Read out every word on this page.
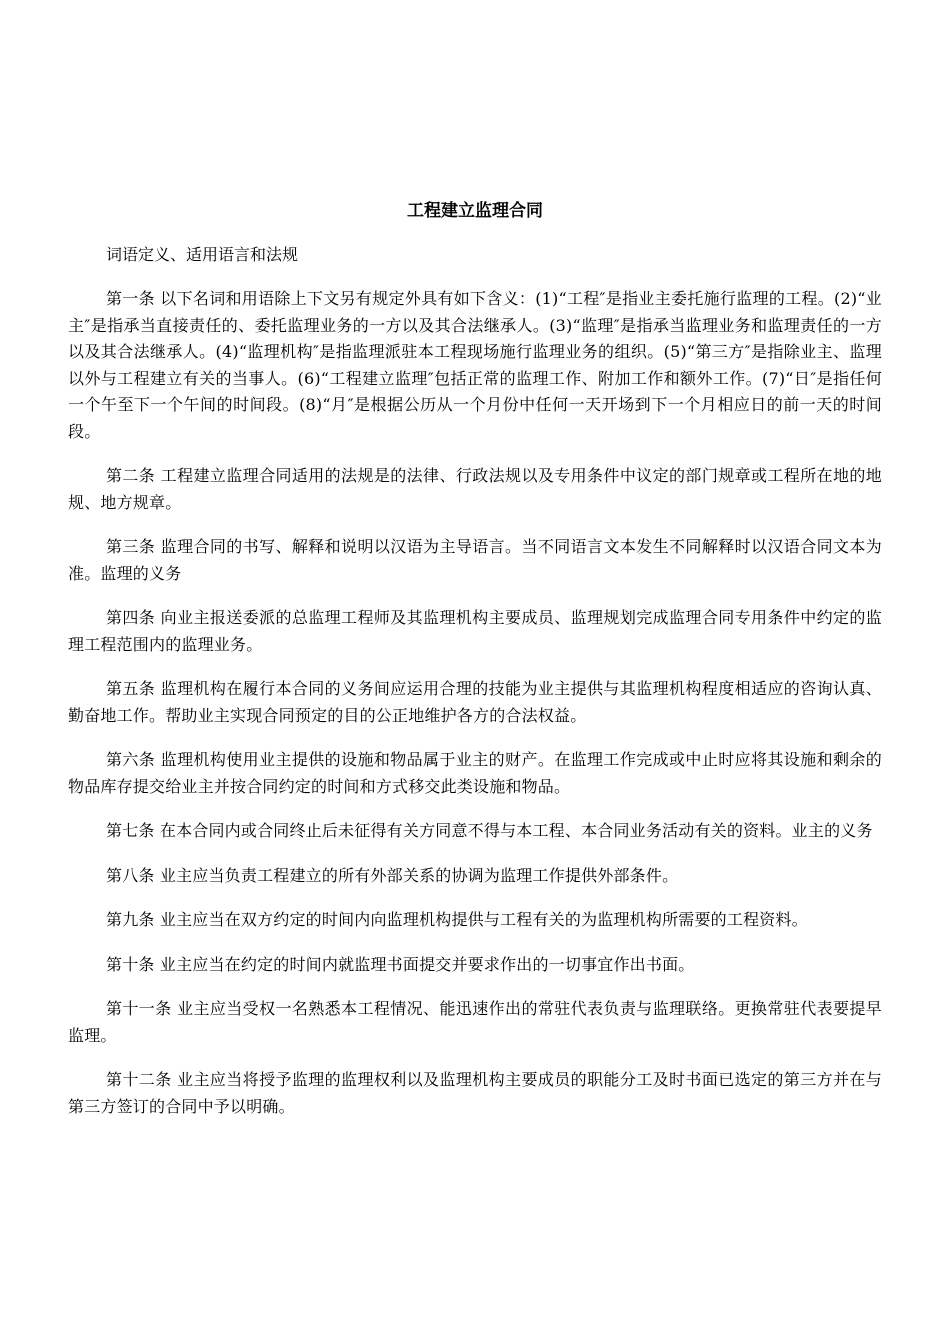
工程建立监理合同

词语定义、适用语言和法规

第一条 以下名词和用语除上下文另有规定外具有如下含义：(1)“工程″是指业主委托施行监理的工程。(2)“业主″是指承当直接责任的、委托监理业务的一方以及其合法继承人。(3)“监理″是指承当监理业务和监理责任的一方以及其合法继承人。(4)“监理机构″是指监理派驻本工程现场施行监理业务的组织。(5)“第三方″是指除业主、监理以外与工程建立有关的当事人。(6)“工程建立监理″包括正常的监理工作、附加工作和额外工作。(7)“日″是指任何一个午至下一个午间的时间段。(8)“月″是根据公历从一个月份中任何一天开场到下一个月相应日的前一天的时间段。

第二条 工程建立监理合同适用的法规是的法律、行政法规以及专用条件中议定的部门规章或工程所在地的地规、地方规章。

第三条 监理合同的书写、解释和说明以汉语为主导语言。当不同语言文本发生不同解释时以汉语合同文本为准。监理的义务

第四条 向业主报送委派的总监理工程师及其监理机构主要成员、监理规划完成监理合同专用条件中约定的监理工程范围内的监理业务。

第五条 监理机构在履行本合同的义务间应运用合理的技能为业主提供与其监理机构程度相适应的咨询认真、勤奋地工作。帮助业主实现合同预定的目的公正地维护各方的合法权益。

第六条 监理机构使用业主提供的设施和物品属于业主的财产。在监理工作完成或中止时应将其设施和剩余的物品库存提交给业主并按合同约定的时间和方式移交此类设施和物品。

第七条 在本合同内或合同终止后未征得有关方同意不得与本工程、本合同业务活动有关的资料。业主的义务

第八条 业主应当负责工程建立的所有外部关系的协调为监理工作提供外部条件。

第九条 业主应当在双方约定的时间内向监理机构提供与工程有关的为监理机构所需要的工程资料。

第十条 业主应当在约定的时间内就监理书面提交并要求作出的一切事宜作出书面。

第十一条 业主应当受权一名熟悉本工程情况、能迅速作出的常驻代表负责与监理联络。更换常驻代表要提早监理。

第十二条 业主应当将授予监理的监理权利以及监理机构主要成员的职能分工及时书面已选定的第三方并在与第三方签订的合同中予以明确。
